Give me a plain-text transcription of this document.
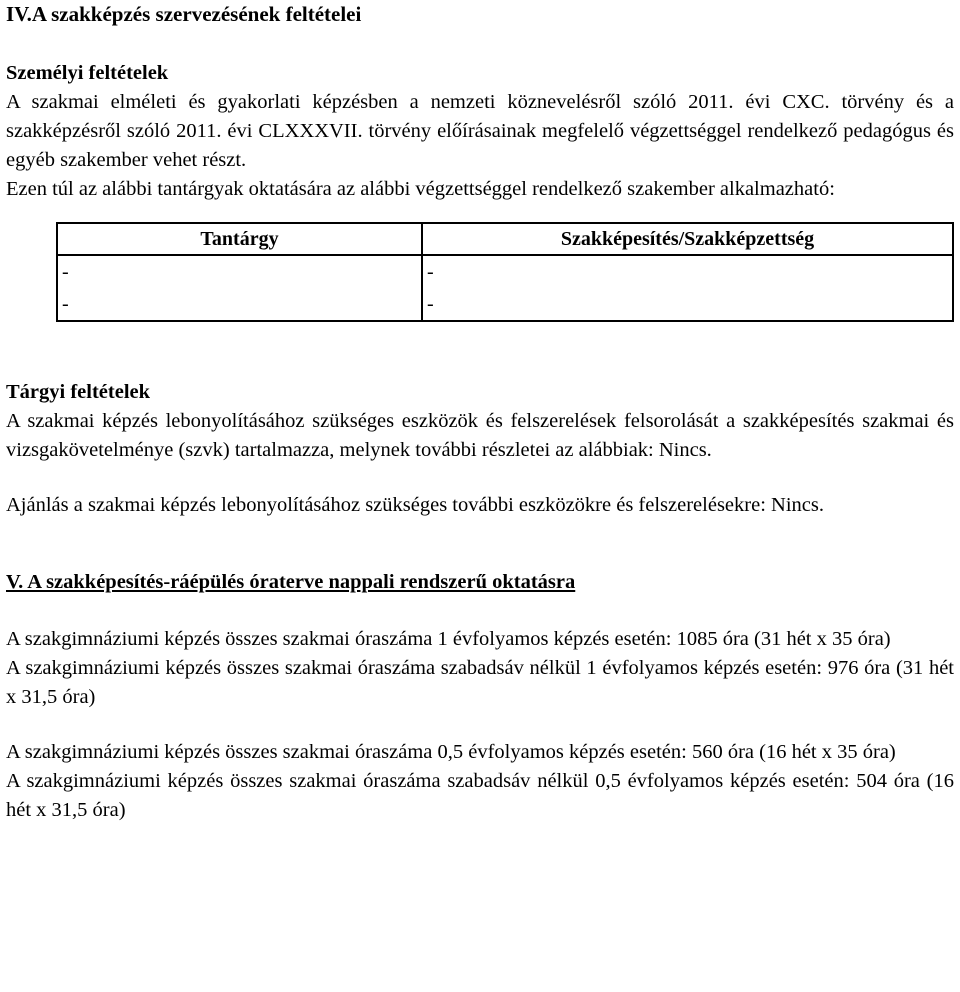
IV.A szakképzés szervezésének feltételei

Személyi feltételek

A szakmai elméleti és gyakorlati képzésben a nemzeti köznevelésről szóló 2011. évi CXC. törvény és a szakképzésről szóló 2011. évi CLXXXVII. törvény előírásainak megfelelő végzettséggel rendelkező pedagógus és egyéb szakember vehet részt.

Ezen túl az alábbi tantárgyak oktatására az alábbi végzettséggel rendelkező szakember alkalmazható:

Tantárgy	Szakképesítés/Szakképzettség
-	-
-	-

Tárgyi feltételek

A szakmai képzés lebonyolításához szükséges eszközök és felszerelések felsorolását a szakképesítés szakmai és vizsgakövetelménye (szvk) tartalmazza, melynek további részletei az alábbiak: Nincs.

Ajánlás a szakmai képzés lebonyolításához szükséges további eszközökre és felszerelésekre: Nincs.

V. A szakképesítés-ráépülés óraterve nappali rendszerű oktatásra

A szakgimnáziumi képzés összes szakmai óraszáma 1 évfolyamos képzés esetén: 1085 óra (31 hét x 35 óra)

A szakgimnáziumi képzés összes szakmai óraszáma szabadsáv nélkül 1 évfolyamos képzés esetén: 976 óra (31 hét x 31,5 óra)

A szakgimnáziumi képzés összes szakmai óraszáma 0,5 évfolyamos képzés esetén: 560 óra (16 hét x 35 óra)

A szakgimnáziumi képzés összes szakmai óraszáma szabadsáv nélkül 0,5 évfolyamos képzés esetén: 504 óra (16 hét x 31,5 óra)
